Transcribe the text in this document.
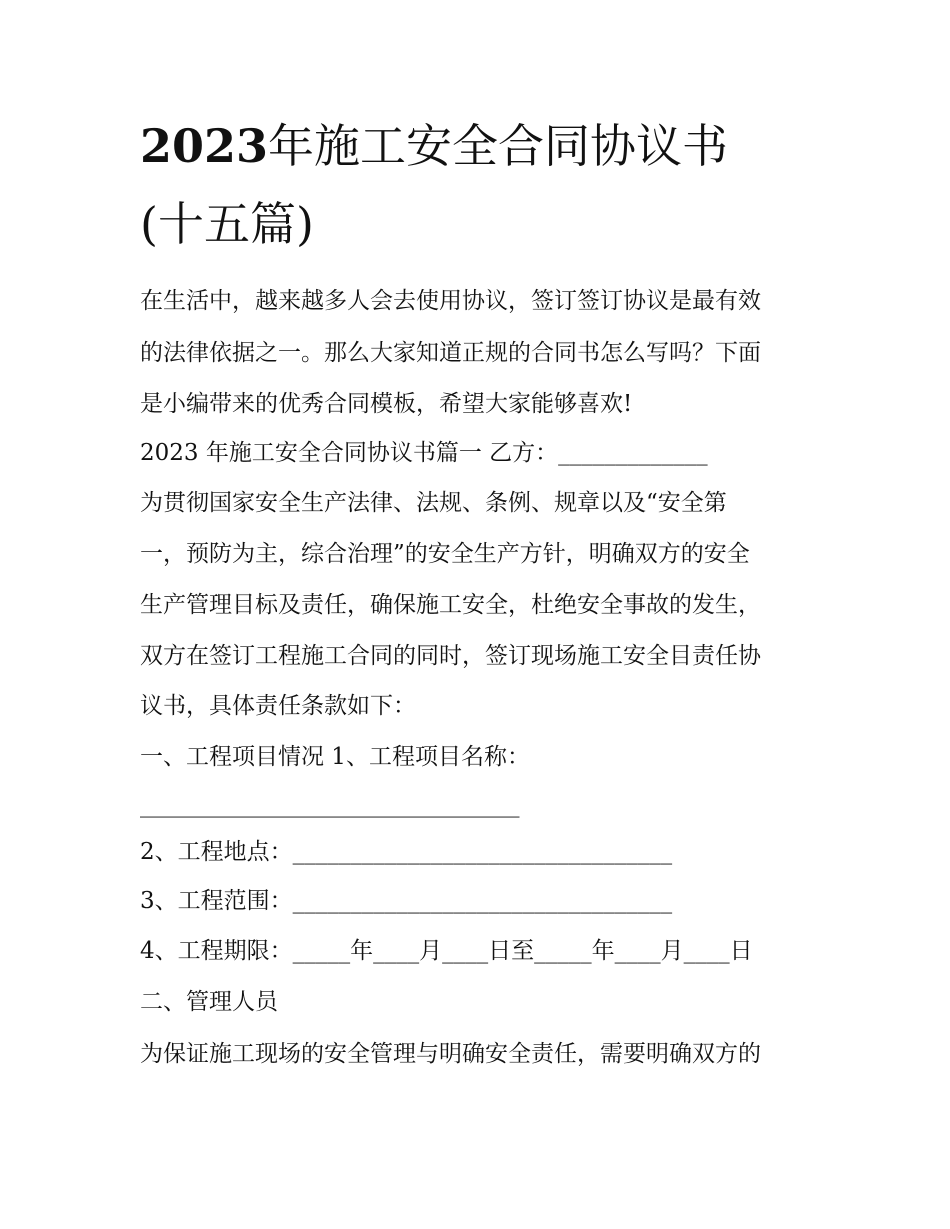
2023年施工安全合同协议书
(十五篇)
在生活中，越来越多人会去使用协议，签订签订协议是最有效
的法律依据之一。那么大家知道正规的合同书怎么写吗？下面
是小编带来的优秀合同模板，希望大家能够喜欢!
2023 年施工安全合同协议书篇一 乙方：_____________
为贯彻国家安全生产法律、法规、条例、规章以及“安全第
一，预防为主，综合治理”的安全生产方针，明确双方的安全
生产管理目标及责任，确保施工安全，杜绝安全事故的发生，
双方在签订工程施工合同的同时，签订现场施工安全目责任协
议书，具体责任条款如下：
一、工程项目情况 1、工程项目名称：
_________________________________
2、工程地点：_________________________________
3、工程范围：_________________________________
4、工程期限：_____年____月____日至_____年____月____日
二、管理人员
为保证施工现场的安全管理与明确安全责任，需要明确双方的
